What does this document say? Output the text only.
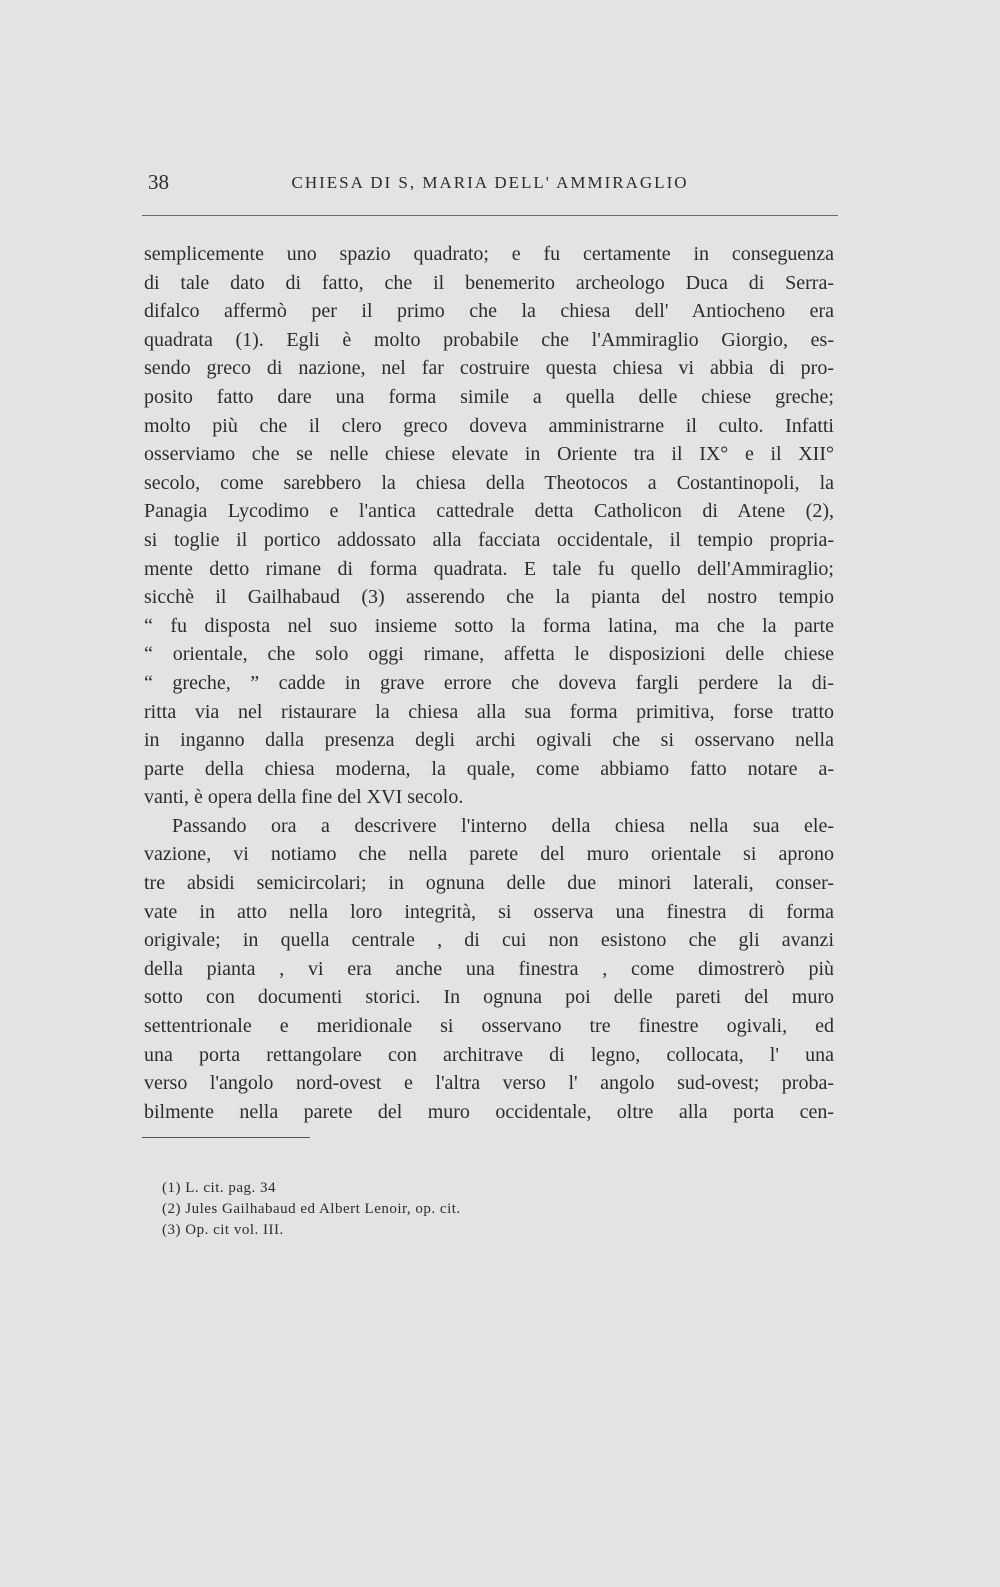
38	CHIESA DI S, MARIA DELL' AMMIRAGLIO
semplicemente uno spazio quadrato; e fu certamente in conseguenza
di tale dato di fatto, che il benemerito archeologo Duca di Serra-
difalco affermò per il primo che la chiesa dell' Antiocheno era
quadrata (1). Egli è molto probabile che l'Ammiraglio Giorgio, es-
sendo greco di nazione, nel far costruire questa chiesa vi abbia di pro-
posito fatto dare una forma simile a quella delle chiese greche;
molto più che il clero greco doveva amministrarne il culto. Infatti
osserviamo che se nelle chiese elevate in Oriente tra il IX° e il XII°
secolo, come sarebbero la chiesa della Theotocos a Costantinopoli, la
Panagia Lycodimo e l'antica cattedrale detta Catholicon di Atene (2),
si toglie il portico addossato alla facciata occidentale, il tempio propria-
mente detto rimane di forma quadrata. E tale fu quello dell'Ammiraglio;
sicchè il Gailhabaud (3) asserendo che la pianta del nostro tempio
“ fu disposta nel suo insieme sotto la forma latina, ma che la parte
“ orientale, che solo oggi rimane, affetta le disposizioni delle chiese
“ greche, ” cadde in grave errore che doveva fargli perdere la di-
ritta via nel ristaurare la chiesa alla sua forma primitiva, forse tratto
in inganno dalla presenza degli archi ogivali che si osservano nella
parte della chiesa moderna, la quale, come abbiamo fatto notare a-
vanti, è opera della fine del XVI secolo.
Passando ora a descrivere l'interno della chiesa nella sua ele-
vazione, vi notiamo che nella parete del muro orientale si aprono
tre absidi semicircolari; in ognuna delle due minori laterali, conser-
vate in atto nella loro integrità, si osserva una finestra di forma
origivale; in quella centrale , di cui non esistono che gli avanzi
della pianta , vi era anche una finestra , come dimostrerò più
sotto con documenti storici. In ognuna poi delle pareti del muro
settentrionale e meridionale si osservano tre finestre ogivali, ed
una porta rettangolare con architrave di legno, collocata, l' una
verso l'angolo nord-ovest e l'altra verso l' angolo sud-ovest; proba-
bilmente nella parete del muro occidentale, oltre alla porta cen-
(1) L. cit. pag. 34
(2) Jules Gailhabaud ed Albert Lenoir, op. cit.
(3) Op. cit vol. III.
